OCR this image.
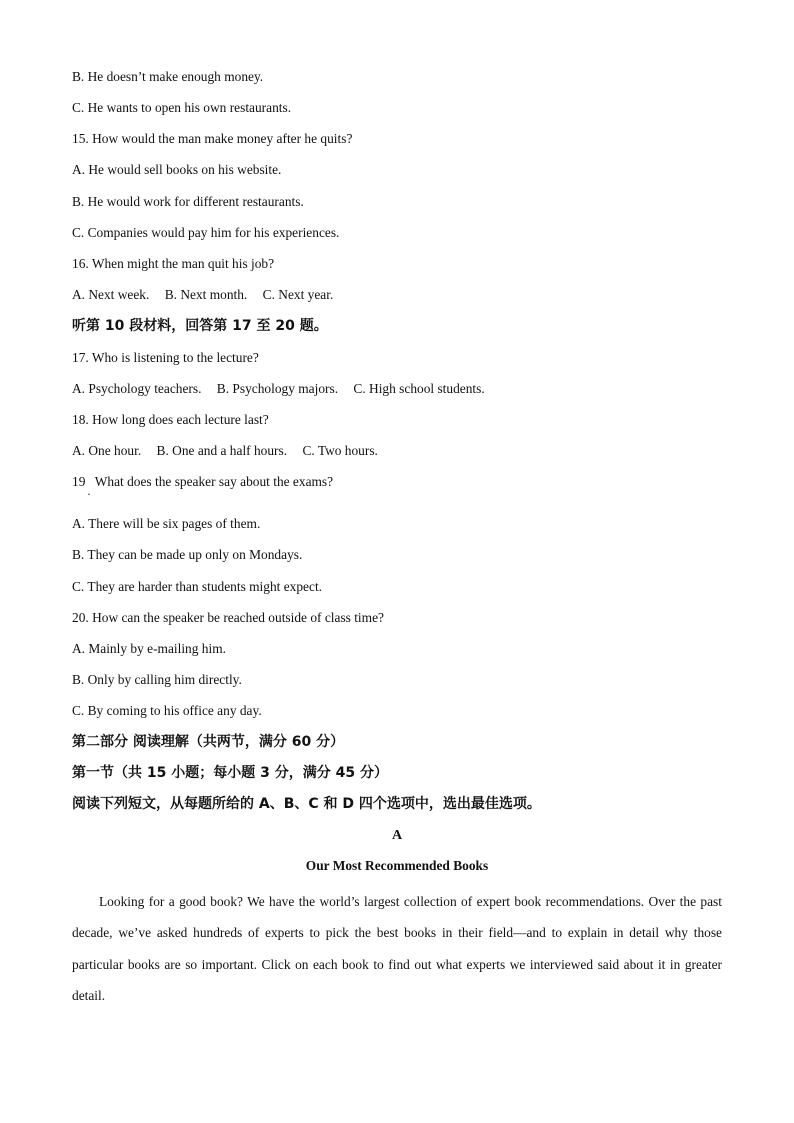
B. He doesn’t make enough money.
C. He wants to open his own restaurants.
15. How would the man make money after he quits?
A. He would sell books on his website.
B. He would work for different restaurants.
C. Companies would pay him for his experiences.
16. When might the man quit his job?
A. Next week. B. Next month. C. Next year.
听第 10 段材料，回答第 17 至 20 题。
17. Who is listening to the lecture?
A. Psychology teachers. B. Psychology majors. C. High school students.
18. How long does each lecture last?
A. One hour. B. One and a half hours. C. Two hours.
19 What does the speaker say about the exams?
·
A. There will be six pages of them.
B. They can be made up only on Mondays.
C. They are harder than students might expect.
20. How can the speaker be reached outside of class time?
A. Mainly by e-mailing him.
B. Only by calling him directly.
C. By coming to his office any day.
第二部分 阅读理解（共两节，满分 60 分）
第一节（共 15 小题；每小题 3 分，满分 45 分）
阅读下列短文，从每题所给的 A、B、C 和 D 四个选项中，选出最佳选项。
A
Our Most Recommended Books

Looking for a good book? We have the world’s largest collection of expert book recommendations. Over the past decade, we’ve asked hundreds of experts to pick the best books in their field—and to explain in detail why those particular books are so important. Click on each book to find out what experts we interviewed said about it in greater detail.
